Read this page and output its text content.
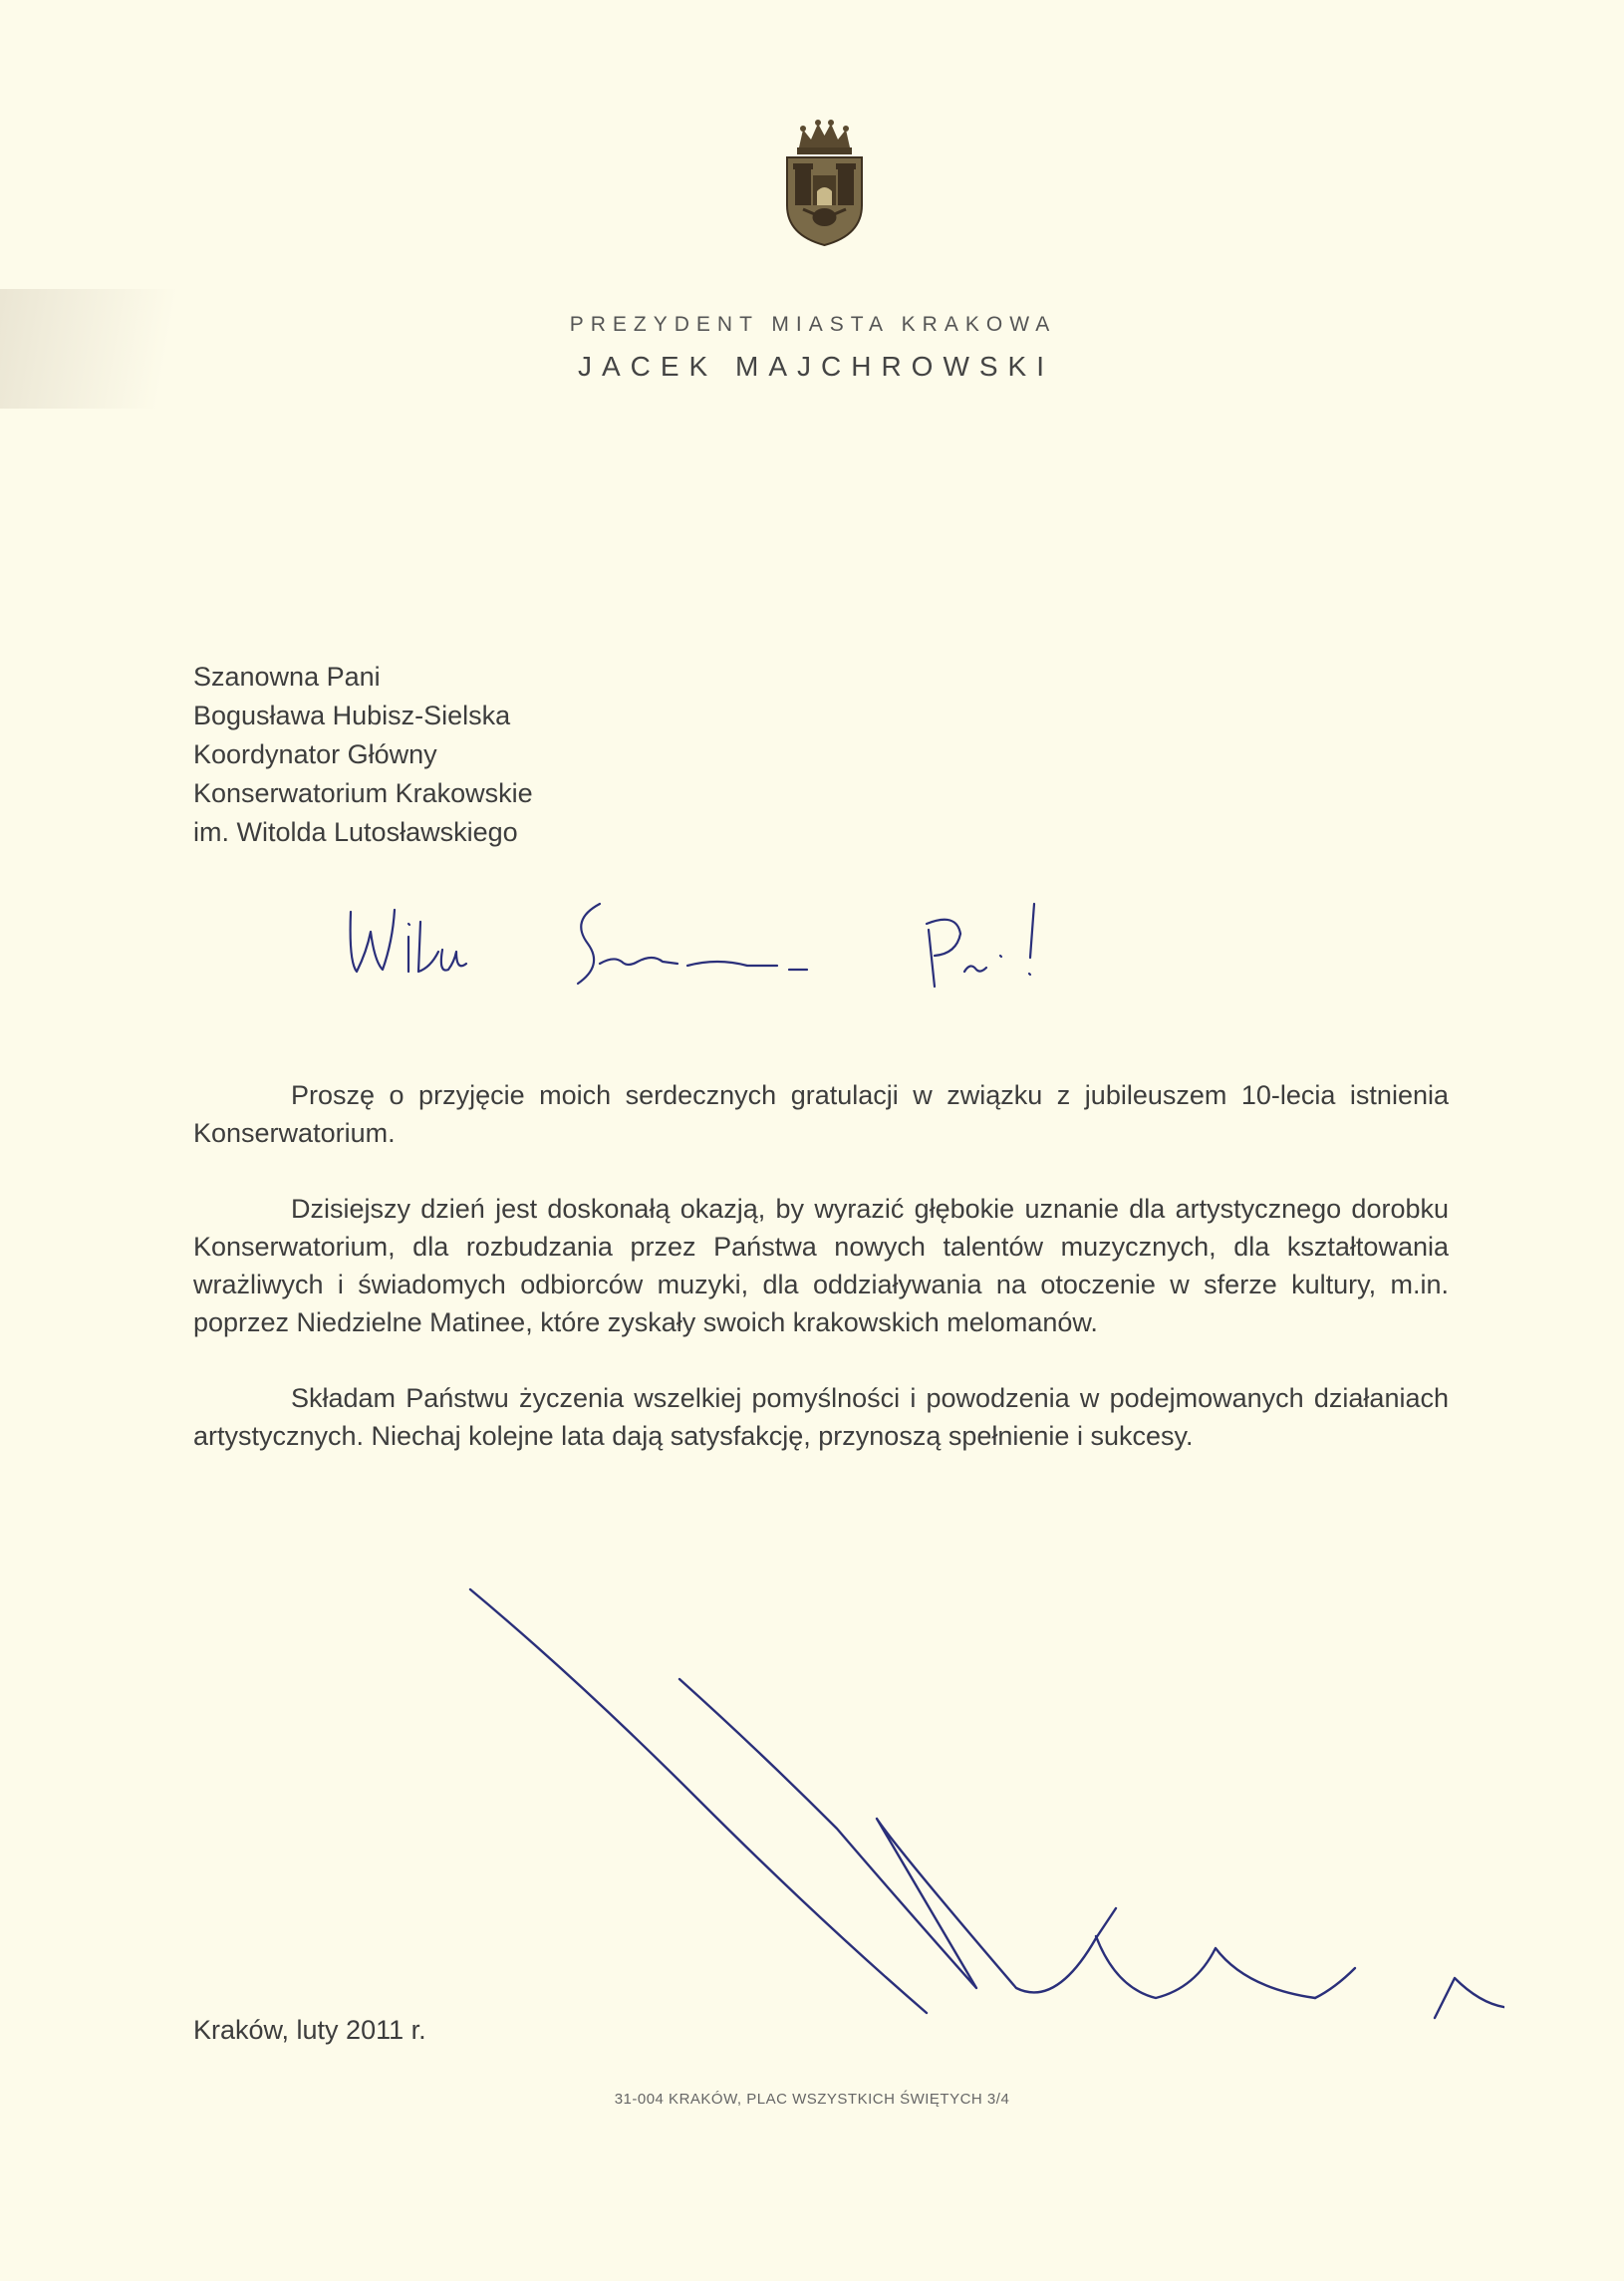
PREZYDENT MIASTA KRAKOWA
JACEK MAJCHROWSKI
Szanowna Pani
Bogusława Hubisz-Sielska
Koordynator Główny
Konserwatorium Krakowskie
im. Witolda Lutosławskiego

Proszę o przyjęcie moich serdecznych gratulacji w związku z jubileuszem 10-lecia istnienia Konserwatorium.

Dzisiejszy dzień jest doskonałą okazją, by wyrazić głębokie uznanie dla artystycznego dorobku Konserwatorium, dla rozbudzania przez Państwa nowych talentów muzycznych, dla kształtowania wrażliwych i świadomych odbiorców muzyki, dla oddziaływania na otoczenie w sferze kultury, m.in. poprzez Niedzielne Matinee, które zyskały swoich krakowskich melomanów.

Składam Państwu życzenia wszelkiej pomyślności i powodzenia w podejmowanych działaniach artystycznych. Niechaj kolejne lata dają satysfakcję, przynoszą spełnienie i sukcesy.

Kraków, luty 2011 r.
31-004 KRAKÓW, PLAC WSZYSTKICH ŚWIĘTYCH 3/4
